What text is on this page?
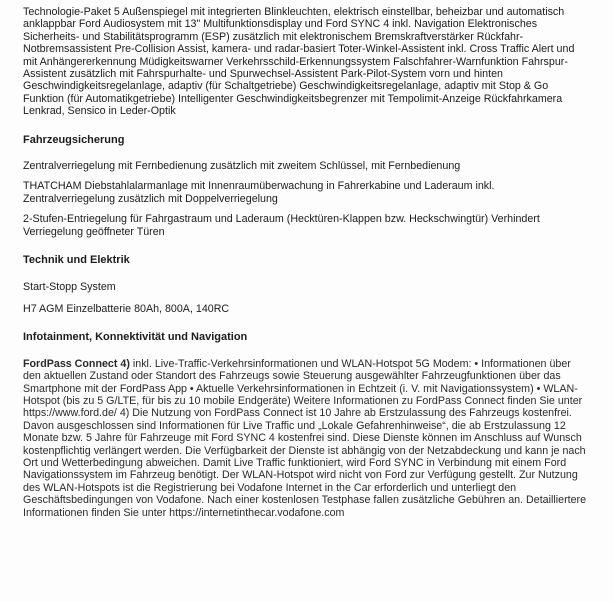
Technologie-Paket 5 Außenspiegel mit integrierten Blinkleuchten, elektrisch einstellbar, beheizbar und automatisch anklappbar Ford Audiosystem mit 13" Multifunktionsdisplay und Ford SYNC 4 inkl. Navigation Elektronisches Sicherheits- und Stabilitätsprogramm (ESP) zusätzlich mit elektronischem Bremskraftverstärker Rückfahr-Notbremsassistent Pre-Collision Assist, kamera- und radar-basiert Toter-Winkel-Assistent inkl. Cross Traffic Alert und mit Anhängererkennung Müdigkeitswarner Verkehrsschild-Erkennungssystem Falschfahrer-Warnfunktion Fahrspur-Assistent zusätzlich mit Fahrspurhalte- und Spurwechsel-Assistent Park-Pilot-System vorn und hinten Geschwindigkeitsregelanlage, adaptiv (für Schaltgetriebe) Geschwindigkeitsregelanlage, adaptiv mit Stop & Go Funktion (für Automatikgetriebe) Intelligenter Geschwindigkeitsbegrenzer mit Tempolimit-Anzeige Rückfahrkamera Lenkrad, Sensico in Leder-Optik

Fahrzeugsicherung

Zentralverriegelung mit Fernbedienung zusätzlich mit zweitem Schlüssel, mit Fernbedienung

THATCHAM Diebstahlalarmanlage mit Innenraumüberwachung in Fahrerkabine und Laderaum inkl. Zentralverriegelung zusätzlich mit Doppelverriegelung

2-Stufen-Entriegelung für Fahrgastraum und Laderaum (Hecktüren-Klappen bzw. Heckschwingtür) Verhindert Verriegelung geöffneter Türen

Technik und Elektrik

Start-Stopp System

H7 AGM Einzelbatterie 80Ah, 800A, 140RC

Infotainment, Konnektivität und Navigation

FordPass Connect 4) inkl. Live-Traffic-Verkehrsinformationen und WLAN-Hotspot 5G Modem: • Informationen über den aktuellen Zustand oder Standort des Fahrzeugs sowie Steuerung ausgewählter Fahrzeugfunktionen über das Smartphone mit der FordPass App • Aktuelle Verkehrsinformationen in Echtzeit (i. V. mit Navigationssystem) • WLAN-Hotspot (bis zu 5 G/LTE, für bis zu 10 mobile Endgeräte) Weitere Informationen zu FordPass Connect finden Sie unter https://www.ford.de/ 4) Die Nutzung von FordPass Connect ist 10 Jahre ab Erstzulassung des Fahrzeugs kostenfrei. Davon ausgeschlossen sind Informationen für Live Traffic und „Lokale Gefahrenhinweise“, die ab Erstzulassung 12 Monate bzw. 5 Jahre für Fahrzeuge mit Ford SYNC 4 kostenfrei sind. Diese Dienste können im Anschluss auf Wunsch kostenpflichtig verlängert werden. Die Verfügbarkeit der Dienste ist abhängig von der Netzabdeckung und kann je nach Ort und Wetterbedingung abweichen. Damit Live Traffic funktioniert, wird Ford SYNC in Verbindung mit einem Ford Navigationssystem im Fahrzeug benötigt. Der WLAN-Hotspot wird nicht von Ford zur Verfügung gestellt. Zur Nutzung des WLAN-Hotspots ist die Registrierung bei Vodafone Internet in the Car erforderlich und unterliegt den Geschäftsbedingungen von Vodafone. Nach einer kostenlosen Testphase fallen zusätzliche Gebühren an. Detailliertere Informationen finden Sie unter https://internetinthecar.vodafone.com
